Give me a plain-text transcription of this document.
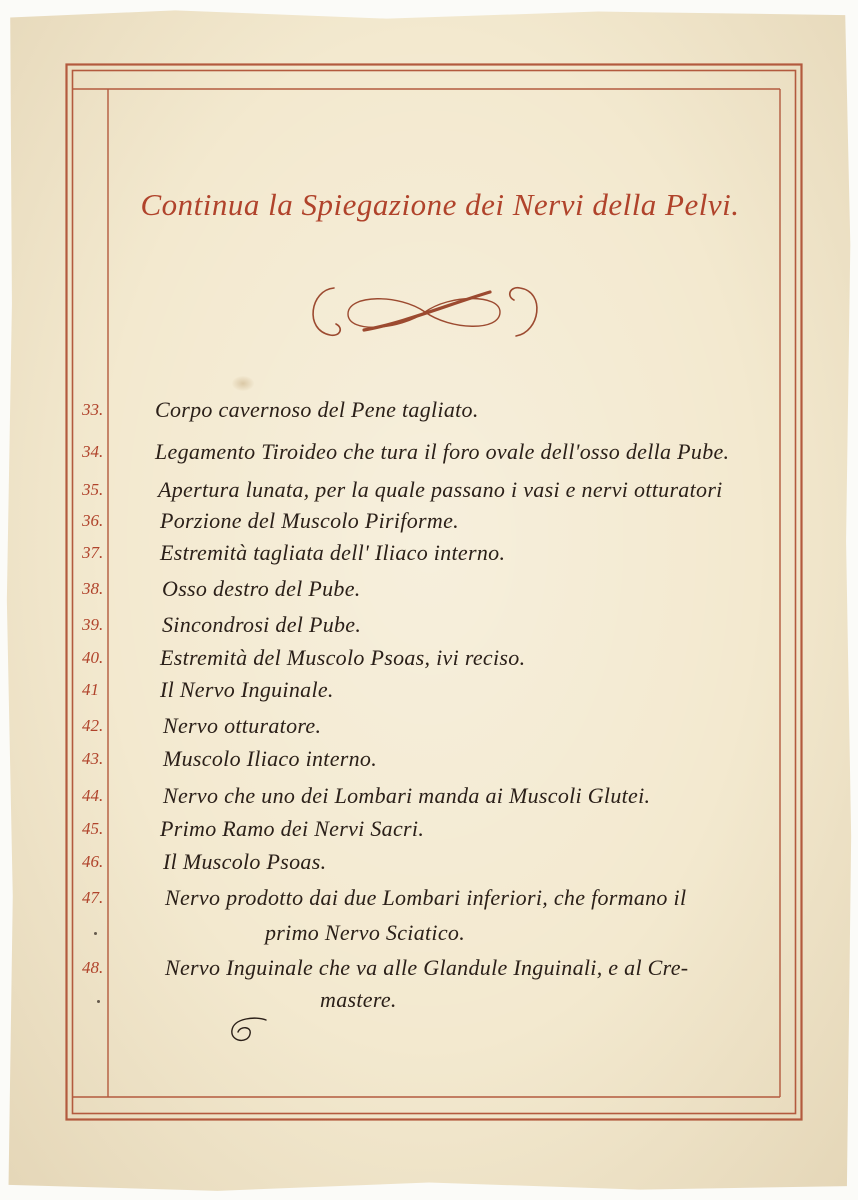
Continua la Spiegazione dei Nervi della Pelvi.
33. Corpo cavernoso del Pene tagliato.
34. Legamento Tiroideo che tura il foro ovale dell'osso della Pube.
35. Apertura lunata, per la quale passano i vasi e nervi otturatori
36.	Porzione del Muscolo Piriforme.
37.	Estremità tagliata dell' Iliaco interno.
38.	Osso destro del Pube.
39.	Sincondrosi del Pube.
40.	Estremità del Muscolo Psoas, ivi reciso.
41	Il Nervo Inguinale.
42.	Nervo otturatore.
43.	Muscolo Iliaco interno.
44.	Nervo che uno dei Lombari manda ai Muscoli Glutei.
45.	Primo Ramo dei Nervi Sacri.
46.	Il Muscolo Psoas.
47.	Nervo prodotto dai due Lombari inferiori, che formano il
primo Nervo Sciatico.
48.	Nervo Inguinale che va alle Glandule Inguinali, e al Cre-
mastere.
